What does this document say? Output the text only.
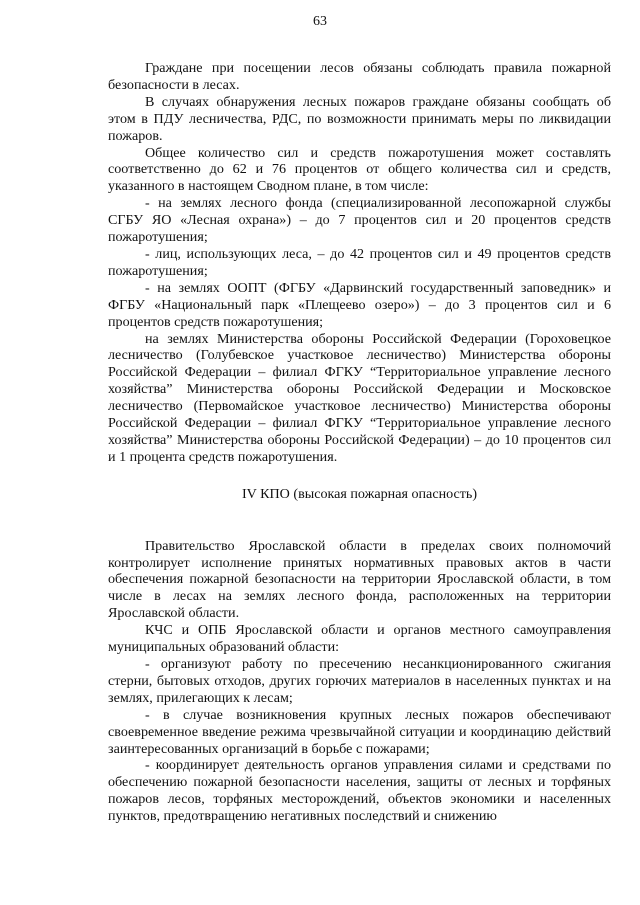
63

Граждане при посещении лесов обязаны соблюдать правила пожарной безопасности в лесах.

В случаях обнаружения лесных пожаров граждане обязаны сообщать об этом в ПДУ лесничества, РДС, по возможности принимать меры по ликвидации пожаров.

Общее количество сил и средств пожаротушения может составлять соответственно до 62 и 76 процентов от общего количества сил и средств, указанного в настоящем Сводном плане, в том числе:

- на землях лесного фонда (специализированной лесопожарной службы СГБУ ЯО «Лесная охрана») – до 7 процентов сил и 20 процентов средств пожаротушения;

- лиц, использующих леса, – до 42 процентов сил и 49 процентов средств пожаротушения;

- на землях ООПТ (ФГБУ «Дарвинский государственный заповедник» и ФГБУ «Национальный парк «Плещеево озеро») – до 3 процентов сил и 6 процентов средств пожаротушения;

на землях Министерства обороны Российской Федерации (Гороховецкое лесничество (Голубевское участковое лесничество) Министерства обороны Российской Федерации – филиал ФГКУ “Территориальное управление лесного хозяйства” Министерства обороны Российской Федерации и Московское лесничество (Первомайское участковое лесничество) Министерства обороны Российской Федерации – филиал ФГКУ “Территориальное управление лесного хозяйства” Министерства обороны Российской Федерации) – до 10 процентов сил и 1 процента средств пожаротушения.

IV КПО (высокая пожарная опасность)

Правительство Ярославской области в пределах своих полномочий контролирует исполнение принятых нормативных правовых актов в части обеспечения пожарной безопасности на территории Ярославской области, в том числе в лесах на землях лесного фонда, расположенных на территории Ярославской области.

КЧС и ОПБ Ярославской области и органов местного самоуправления муниципальных образований области:

- организуют работу по пресечению несанкционированного сжигания стерни, бытовых отходов, других горючих материалов в населенных пунктах и на землях, прилегающих к лесам;

- в случае возникновения крупных лесных пожаров обеспечивают своевременное введение режима чрезвычайной ситуации и координацию действий заинтересованных организаций в борьбе с пожарами;

- координирует деятельность органов управления силами и средствами по обеспечению пожарной безопасности населения, защиты от лесных и торфяных пожаров лесов, торфяных месторождений, объектов экономики и населенных пунктов, предотвращению негативных последствий и снижению
